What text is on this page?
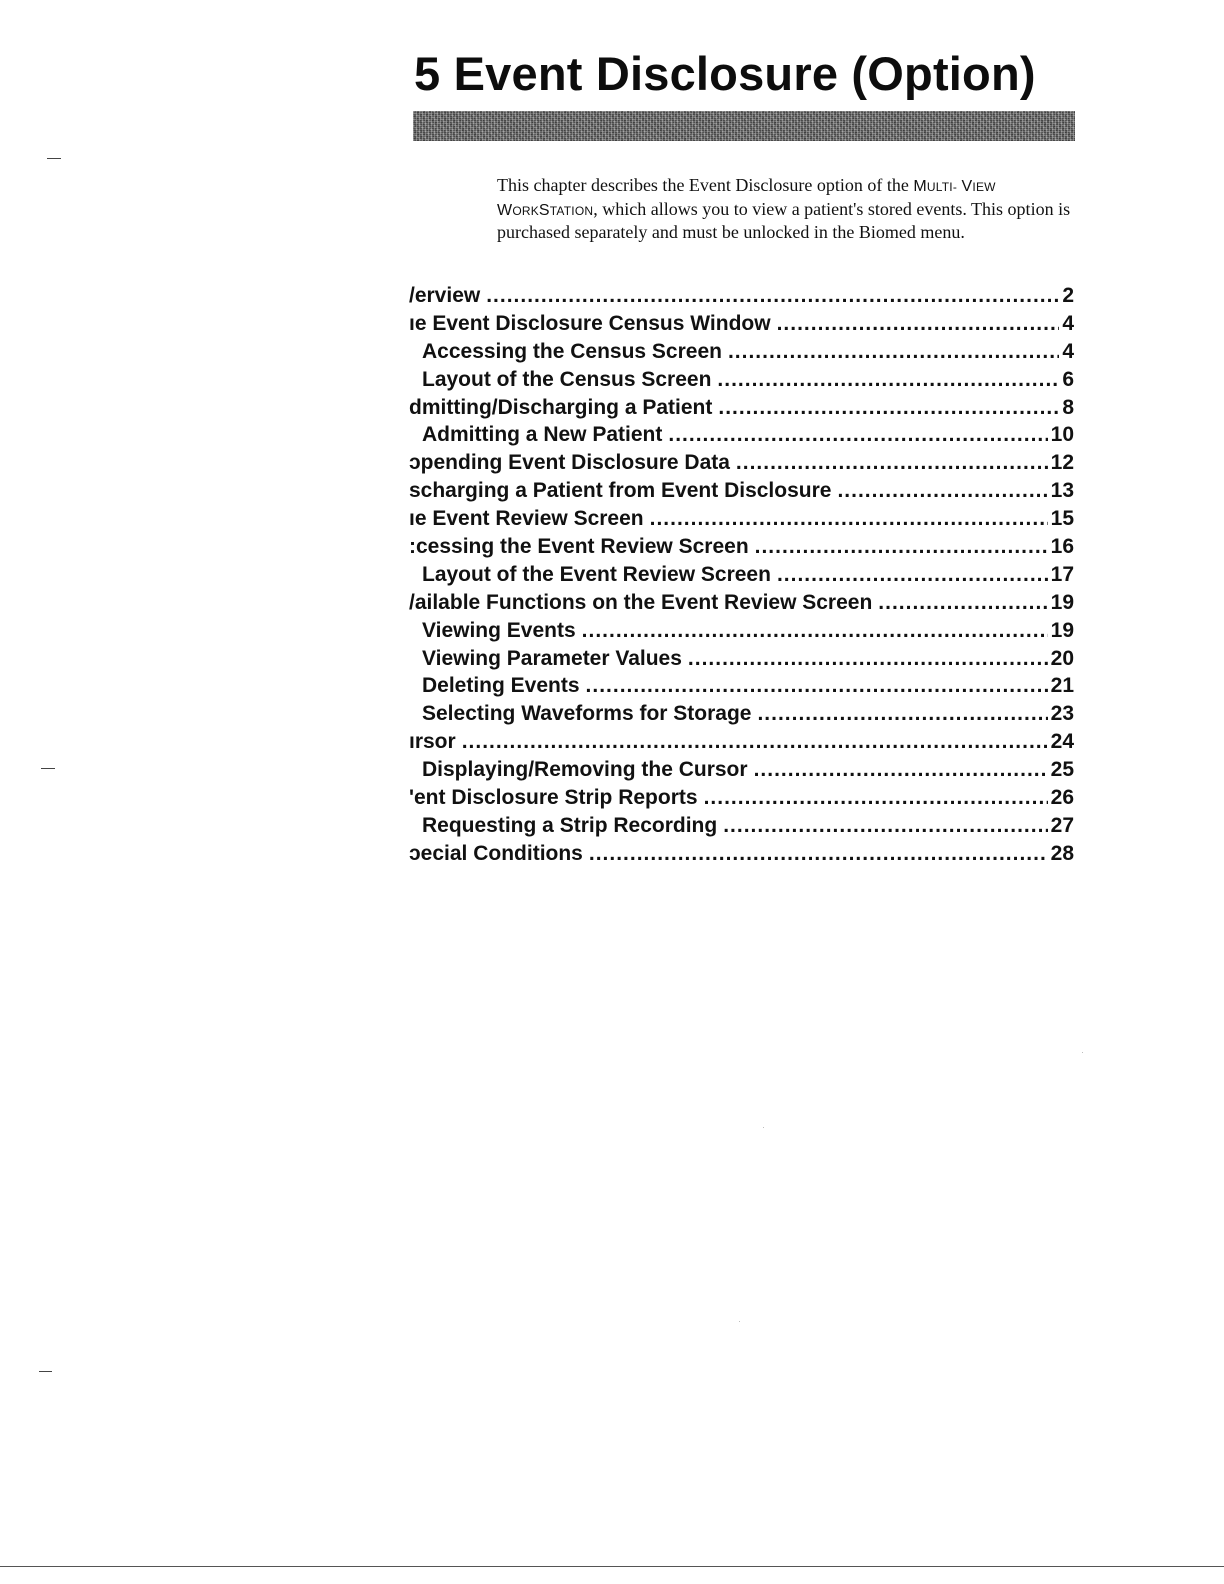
5 Event Disclosure (Option)

This chapter describes the Event Disclosure option of the MULTI- VIEW WORKSTATION, which allows you to view a patient's stored events. This option is purchased separately and must be unlocked in the Biomed menu.

/erview .....	2
ıe Event Disclosure Census Window .....	4
Accessing the Census Screen .....	4
Layout of the Census Screen .....	6
dmitting/Discharging a Patient .....	8
Admitting a New Patient .....	10
ɔpending Event Disclosure Data .....	12
scharging a Patient from Event Disclosure .....	13
ıe Event Review Screen .....	15
:cessing the Event Review Screen .....	16
Layout of the Event Review Screen .....	17
/ailable Functions on the Event Review Screen .....	19
Viewing Events .....	19
Viewing Parameter Values .....	20
Deleting Events .....	21
Selecting Waveforms for Storage .....	23
ırsor .....	24
Displaying/Removing the Cursor .....	25
'ent Disclosure Strip Reports .....	26
Requesting a Strip Recording .....	27
ɔecial Conditions .....	28
